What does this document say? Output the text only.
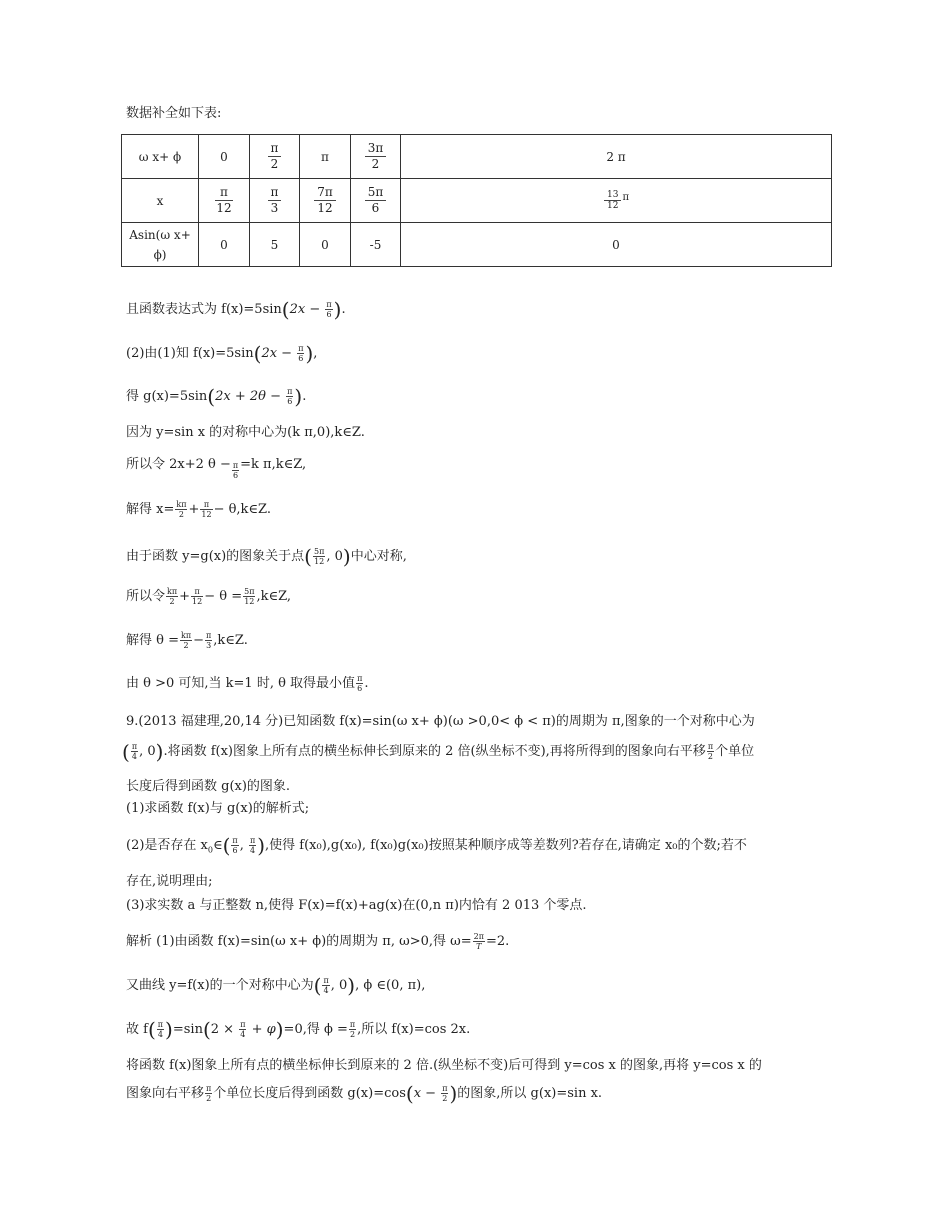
数据补全如下表:
ω x+ ϕ	0	$\frac{\pi}{2}$	π	$\frac{3\pi}{2}$	2 π
x	$\frac{\pi}{12}$	$\frac{\pi}{3}$	$\frac{7\pi}{12}$	$\frac{5\pi}{6}$	$\frac{13}{12} ^\pi$
Asin(ω x+ ϕ)	0	5	0	-5	0
且函数表达式为 $f(x)=5\sin(2x - \frac{\pi}{6}$ ).
(2)由(1)知 $f(x)=5\sin(2x - \frac{\pi}{6}$ ),
得 $g(x)=5\sin(2x + 2\theta - \frac{\pi}{6}$ ).
因为 y=sin x 的对称中心为(k π,0),k∈Z.
所以令 2x+2 $\theta - \frac{\pi}{6} =k$ π,k∈Z,
解得 $x= \frac{k\pi}{2} + \frac{\pi}{12}$ − θ,k∈Z.
由于函数 y=g(x)的图象关于点( $\frac{5\pi}{12}$ , 0)中心对称,
所以令 $\frac{k\pi}{2} + \frac{\pi}{12} - \theta = \frac{5\pi}{12}$ ,k∈Z,
解得 $\theta = \frac{k\pi}{2} - \frac{\pi}{3}$ ,k∈Z.
由 θ >0 可知,当 k=1 时, θ 取得最小值 $\frac{\pi}{6}$ .
9.(2013 福建理,20,14 分)已知函数 f(x)=sin(ω x+ ϕ)(ω >0,0< ϕ < π)的周期为 π,图象的一个对称中心为
( $\frac{\pi}{4}$ , 0).将函数 f(x)图象上所有点的横坐标伸长到原来的 2 倍(纵坐标不变),再将所得到的图象向右平移 $\frac{\pi}{2}$ 个单位
长度后得到函数 g(x)的图象.
(1)求函数 f(x)与 g(x)的解析式;
(2)是否存在 $x_0\in( \frac{\pi}{6}$ , $\frac{\pi}{4}$ ),使得 f(x₀),g(x₀), f(x₀)g(x₀)按照某种顺序成等差数列?若存在,请确定 x₀的个数;若不
存在,说明理由;
(3)求实数 a 与正整数 n,使得 F(x)=f(x)+ag(x)在(0,n π)内恰有 2 013 个零点.
解析 (1)由函数 f(x)=sin(ω x+ ϕ)的周期为 π, ω>0,得 $\omega= \frac{2\pi}{T} =2$.
又曲线 y=f(x)的一个对称中心为( $\frac{\pi}{4}$ , 0), ϕ ∈(0, π),
故 $f( \frac{\pi}{4} )=\sin(2 \times \frac{\pi}{4} + \varphi)=0$,得 $\phi = \frac{\pi}{2}$ ,所以 f(x)=cos 2x.
将函数 f(x)图象上所有点的横坐标伸长到原来的 2 倍.(纵坐标不变)后可得到 y=cos x 的图象,再将 y=cos x 的
图象向右平移 $\frac{\pi}{2}$ 个单位长度后得到函数 $g(x)=\cos(x - \frac{\pi}{2}$ )的图象,所以 g(x)=sin x.
